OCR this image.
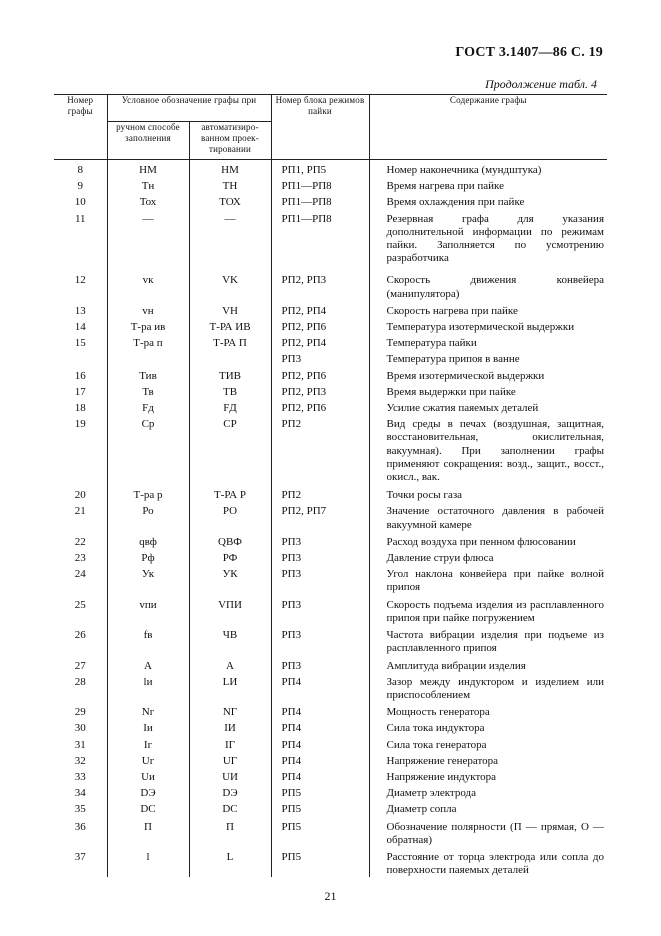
ГОСТ 3.1407—86 С. 19
Продолжение табл. 4
Номер графы	Условное обозначение графы при		Номер блока режимов пайки	Содержание графы
	ручном способе заполнения	автоматизиро-ванном проек-тировании		
8	НМ	НМ	РП1, РП5	Номер наконечника (мундштука)
9	Тн	ТН	РП1—РП8	Время нагрева при пайке
10	Тох	ТОХ	РП1—РП8	Время охлаждения при пайке
11	—	—	РП1—РП8	Резервная графа для указания дополнительной информации по режимам пайки. Заполняется по усмотрению разработчика
12	vк	VK	РП2, РП3	Скорость движения конвейера (манипулятора)
13	vн	VH	РП2, РП4	Скорость нагрева при пайке
14	Т-ра ив	Т-РА ИВ	РП2, РП6	Температура изотермической выдержки
15	Т-ра п	Т-РА П	РП2, РП4	Температура пайки
			РП3	Температура припоя в ванне
16	Тив	ТИВ	РП2, РП6	Время изотермической выдержки
17	Тв	ТВ	РП2, РП3	Время выдержки при пайке
18	Fд	FД	РП2, РП6	Усилие сжатия паяемых деталей
19	Ср	СР	РП2	Вид среды в печах (воздушная, защитная, восстановительная, окислительная, вакуумная). При заполнении графы применяют сокращения: возд., защит., восст., окисл., вак.
20	Т-ра р	Т-РА Р	РП2	Точки росы газа
21	Ро	РО	РП2, РП7	Значение остаточного давления в рабочей вакуумной камере
22	qвф	QВФ	РП3	Расход воздуха при пенном флюсовании
23	Рф	РФ	РП3	Давление струи флюса
24	Ук	УК	РП3	Угол наклона конвейера при пайке волной припоя
25	vпи	VПИ	РП3	Скорость подъема изделия из расплавленного припоя при пайке погружением
26	fв	ЧВ	РП3	Частота вибрации изделия при подъеме из расплавленного припоя
27	А	А	РП3	Амплитуда вибрации изделия
28	lи	LИ	РП4	Зазор между индуктором и изделием или приспособлением
29	Nг	NГ	РП4	Мощность генератора
30	Iи	IИ	РП4	Сила тока индуктора
31	Iг	IГ	РП4	Сила тока генератора
32	Uг	UГ	РП4	Напряжение генератора
33	Uи	UИ	РП4	Напряжение индуктора
34	DЭ	DЭ	РП5	Диаметр электрода
35	DC	DC	РП5	Диаметр сопла
36	П	П	РП5	Обозначение полярности (П — прямая, О — обратная)
37	l	L	РП5	Расстояние от торца электрода или сопла до поверхности паяемых деталей
21
